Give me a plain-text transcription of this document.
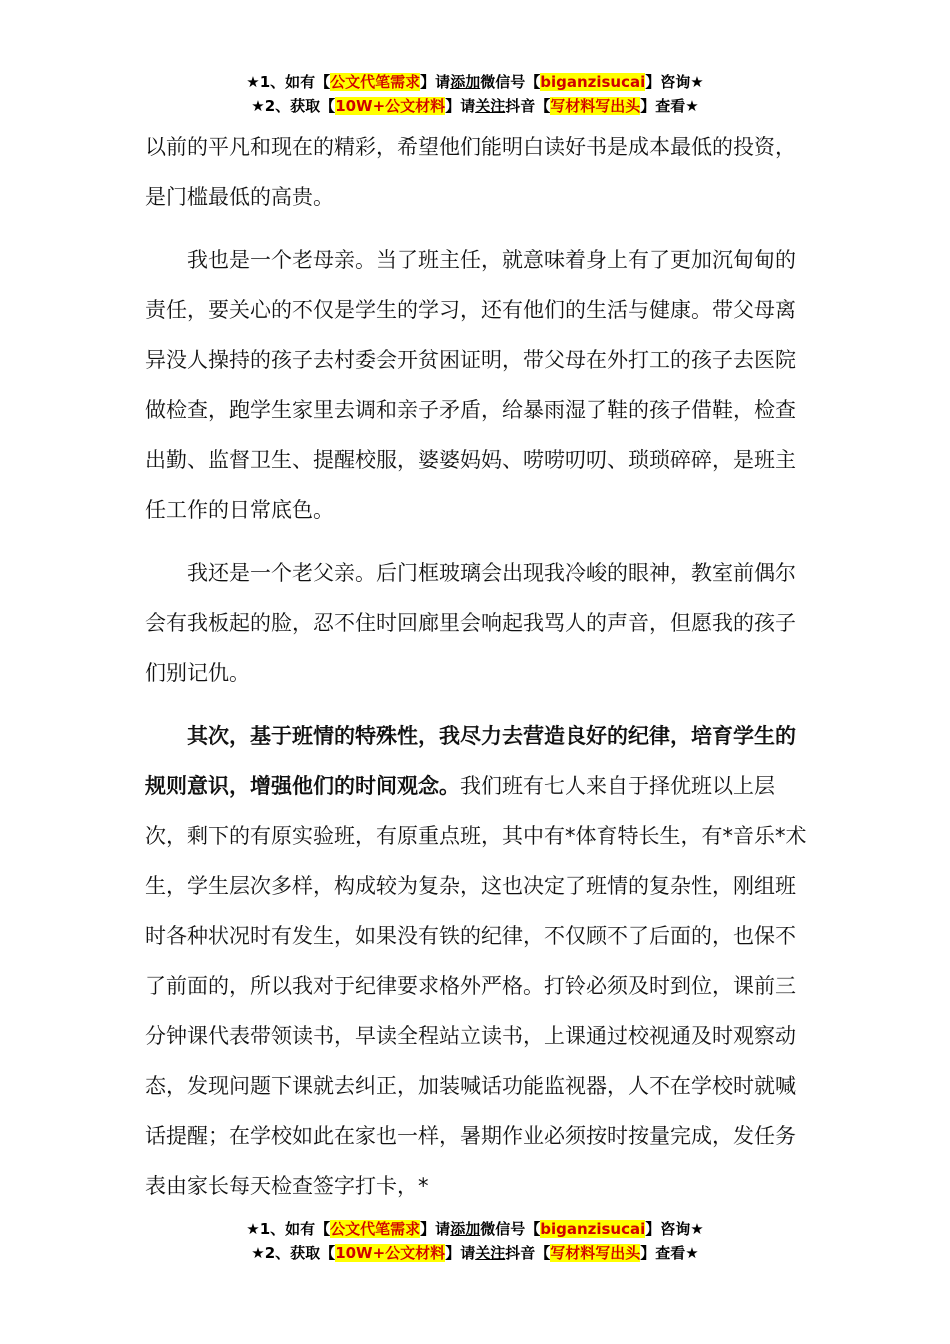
★1、如有【公文代笔需求】请添加微信号【biganzisucai】咨询★
★2、获取【10W+公文材料】请关注抖音【写材料写出头】查看★

以前的平凡和现在的精彩，希望他们能明白读好书是成本最低的投资，是门槛最低的高贵。

我也是一个老母亲。当了班主任，就意味着身上有了更加沉甸甸的责任，要关心的不仅是学生的学习，还有他们的生活与健康。带父母离异没人操持的孩子去村委会开贫困证明，带父母在外打工的孩子去医院做检查，跑学生家里去调和亲子矛盾，给暴雨湿了鞋的孩子借鞋，检查出勤、监督卫生、提醒校服，婆婆妈妈、唠唠叨叨、琐琐碎碎，是班主任工作的日常底色。

我还是一个老父亲。后门框玻璃会出现我冷峻的眼神，教室前偶尔会有我板起的脸，忍不住时回廊里会响起我骂人的声音，但愿我的孩子们别记仇。

其次，基于班情的特殊性，我尽力去营造良好的纪律，培育学生的规则意识，增强他们的时间观念。我们班有七人来自于择优班以上层次，剩下的有原实验班，有原重点班，其中有*体育特长生，有*音乐*术生，学生层次多样，构成较为复杂，这也决定了班情的复杂性，刚组班时各种状况时有发生，如果没有铁的纪律，不仅顾不了后面的，也保不了前面的，所以我对于纪律要求格外严格。打铃必须及时到位，课前三分钟课代表带领读书，早读全程站立读书，上课通过校视通及时观察动态，发现问题下课就去纠正，加装喊话功能监视器，人不在学校时就喊话提醒；在学校如此在家也一样，暑期作业必须按时按量完成，发任务表由家长每天检查签字打卡，*

★1、如有【公文代笔需求】请添加微信号【biganzisucai】咨询★
★2、获取【10W+公文材料】请关注抖音【写材料写出头】查看★
